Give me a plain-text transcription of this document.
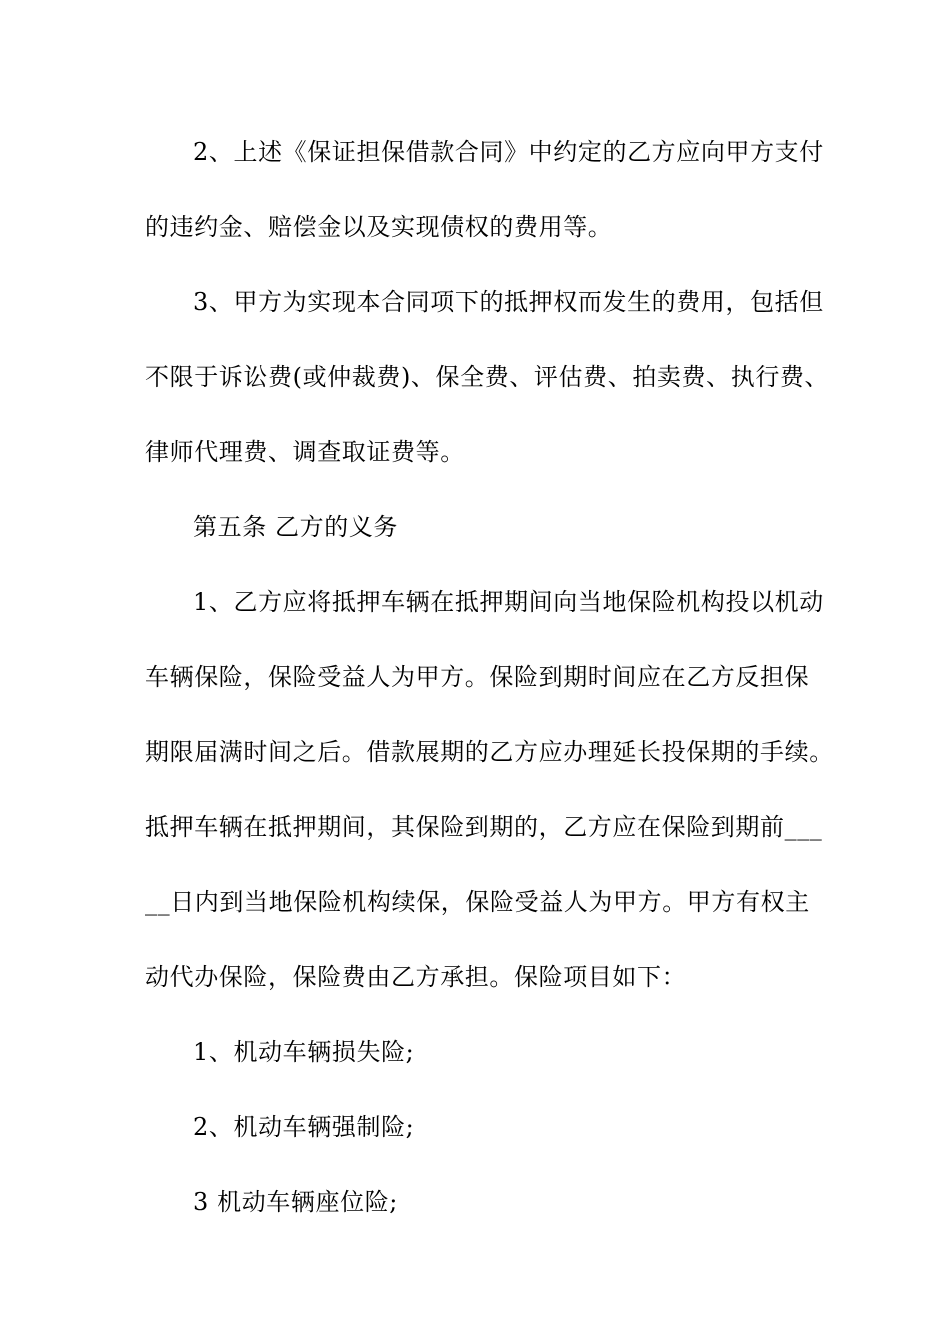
2、上述《保证担保借款合同》中约定的乙方应向甲方支付
的违约金、赔偿金以及实现债权的费用等。
3、甲方为实现本合同项下的抵押权而发生的费用，包括但
不限于诉讼费(或仲裁费)、保全费、评估费、拍卖费、执行费、
律师代理费、调查取证费等。
第五条 乙方的义务
1、乙方应将抵押车辆在抵押期间向当地保险机构投以机动
车辆保险，保险受益人为甲方。保险到期时间应在乙方反担保
期限届满时间之后。借款展期的乙方应办理延长投保期的手续。
抵押车辆在抵押期间，其保险到期的，乙方应在保险到期前___
__日内到当地保险机构续保，保险受益人为甲方。甲方有权主
动代办保险，保险费由乙方承担。保险项目如下：
1、机动车辆损失险;
2、机动车辆强制险;
3 机动车辆座位险;
